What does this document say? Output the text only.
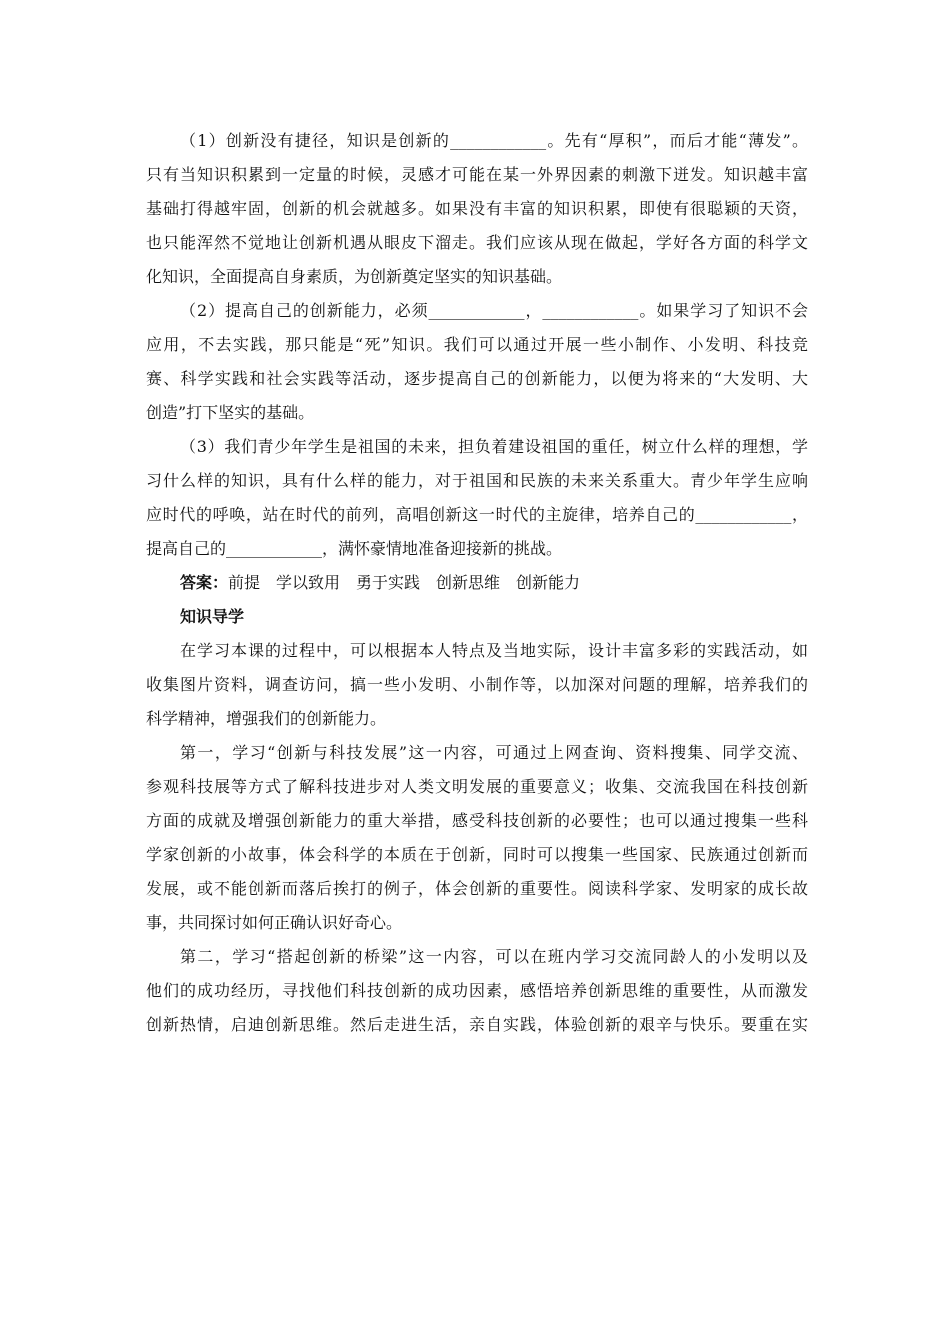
（1）创新没有捷径，知识是创新的____________。先有“厚积”，而后才能“薄发”。
只有当知识积累到一定量的时候，灵感才可能在某一外界因素的刺激下迸发。知识越丰富
基础打得越牢固，创新的机会就越多。如果没有丰富的知识积累，即使有很聪颖的天资，
也只能浑然不觉地让创新机遇从眼皮下溜走。我们应该从现在做起，学好各方面的科学文
化知识，全面提高自身素质，为创新奠定坚实的知识基础。
（2）提高自己的创新能力，必须____________，____________。如果学习了知识不会
应用，不去实践，那只能是“死”知识。我们可以通过开展一些小制作、小发明、科技竞
赛、科学实践和社会实践等活动，逐步提高自己的创新能力，以便为将来的“大发明、大
创造”打下坚实的基础。
（3）我们青少年学生是祖国的未来，担负着建设祖国的重任，树立什么样的理想，学
习什么样的知识，具有什么样的能力，对于祖国和民族的未来关系重大。青少年学生应响
应时代的呼唤，站在时代的前列，高唱创新这一时代的主旋律，培养自己的____________，
提高自己的____________，满怀豪情地准备迎接新的挑战。
答案：前提　学以致用　勇于实践　创新思维　创新能力
知识导学
在学习本课的过程中，可以根据本人特点及当地实际，设计丰富多彩的实践活动，如
收集图片资料，调查访问，搞一些小发明、小制作等，以加深对问题的理解，培养我们的
科学精神，增强我们的创新能力。
第一，学习“创新与科技发展”这一内容，可通过上网查询、资料搜集、同学交流、
参观科技展等方式了解科技进步对人类文明发展的重要意义；收集、交流我国在科技创新
方面的成就及增强创新能力的重大举措，感受科技创新的必要性；也可以通过搜集一些科
学家创新的小故事，体会科学的本质在于创新，同时可以搜集一些国家、民族通过创新而
发展，或不能创新而落后挨打的例子，体会创新的重要性。阅读科学家、发明家的成长故
事，共同探讨如何正确认识好奇心。
第二，学习“搭起创新的桥梁”这一内容，可以在班内学习交流同龄人的小发明以及
他们的成功经历，寻找他们科技创新的成功因素，感悟培养创新思维的重要性，从而激发
创新热情，启迪创新思维。然后走进生活，亲自实践，体验创新的艰辛与快乐。要重在实
